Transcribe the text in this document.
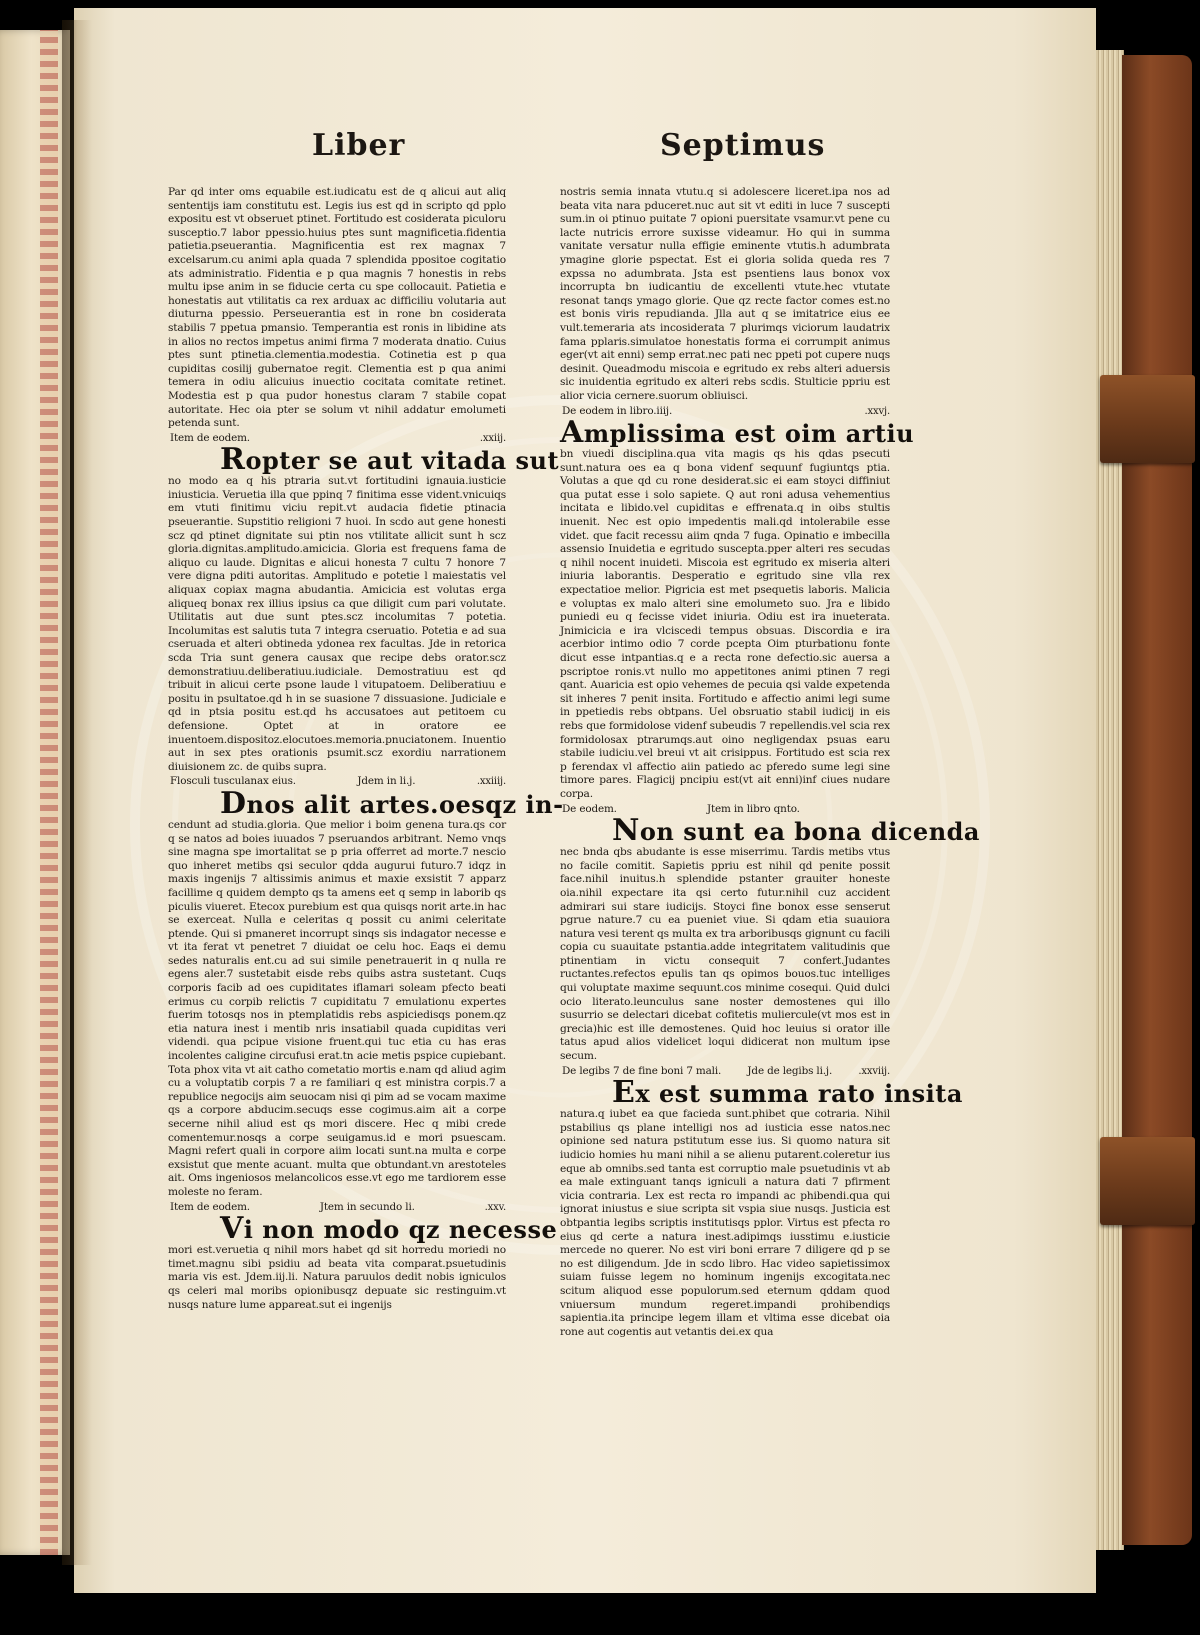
Liber	Septimus

Par qd inter oms equabile est.iudicatu est de q alicui aut aliq sententijs iam constitutu est. Legis ius est qd in scripto qd pplo expositu est vt obseruet ptinet. Fortitudo est cosiderata piculoru susceptio.7 labor ppessio.huius ptes sunt magnificetia.fidentia patietia.pseuerantia. Magnificentia est rex magnax 7 excelsarum.cu animi apla quada 7 splendida ppositoe cogitatio ats administratio. Fidentia e p qua magnis 7 honestis in rebs multu ipse anim in se fiducie certa cu spe collocauit. Patietia e honestatis aut vtilitatis ca rex arduax ac difficiliu volutaria aut diuturna ppessio. Perseuerantia est in rone bn cosiderata stabilis 7 ppetua pmansio. Temperantia est ronis in libidine ats in alios no rectos impetus animi firma 7 moderata dnatio. Cuius ptes sunt ptinetia.clementia.modestia. Cotinetia est p qua cupiditas cosilij gubernatoe regit. Clementia est p qua animi temera in odiu alicuius inuectio cocitata comitate retinet. Modestia est p qua pudor honestus claram 7 stabile copat autoritate. Hec oia pter se solum vt nihil addatur emolumeti petenda sunt.

Item de eodem.	.xxiij.
Ropter se aut vitada sut

no modo ea q his ptraria sut.vt fortitudini ignauia.iusticie iniusticia. Veruetia illa que ppinq 7 finitima esse vident.vnicuiqs em vtuti finitimu viciu repit.vt audacia fidetie ptinacia pseuerantie. Supstitio religioni 7 huoi. In scdo aut gene honesti scz qd ptinet dignitate sui ptin nos vtilitate allicit sunt h scz gloria.dignitas.amplitudo.amicicia. Gloria est frequens fama de aliquo cu laude. Dignitas e alicui honesta 7 cultu 7 honore 7 vere digna pditi autoritas. Amplitudo e potetie l maiestatis vel aliquax copiax magna abudantia. Amicicia est volutas erga aliqueq bonax rex illius ipsius ca que diligit cum pari volutate. Utilitatis aut due sunt ptes.scz incolumitas 7 potetia. Incolumitas est salutis tuta 7 integra cseruatio. Potetia e ad sua cseruada et alteri obtineda ydonea rex facultas. Jde in retorica scda Tria sunt genera causax que recipe debs orator.scz demonstratiuu.deliberatiuu.iudiciale. Demostratiuu est qd tribuit in alicui certe psone laude l vitupatoem. Deliberatiuu e positu in psultatoe.qd h in se suasione 7 dissuasione. Judiciale e qd in ptsia positu est.qd hs accusatoes aut petitoem cu defensione. Optet at in oratore ee inuentoem.dispositoz.elocutoes.memoria.pnuciatonem. Inuentio aut in sex ptes orationis psumit.scz exordiu narrationem diuisionem zc. de quibs supra.

Flosculi tusculanax eius.	Jdem in li.j.	.xxiiij.
Dnos alit artes.oesqz in-

cendunt ad studia.gloria. Que melior i boim genena tura.qs cor q se natos ad boies iuuados 7 pseruandos arbitrant. Nemo vnqs sine magna spe imortalitat se p pria offerret ad morte.7 nescio quo inheret metibs qsi seculor qdda augurui futuro.7 idqz in maxis ingenijs 7 altissimis animus et maxie exsistit 7 apparz facillime q quidem dempto qs ta amens eet q semp in laborib qs piculis viueret. Etecox purebium est qua quisqs norit arte.in hac se exerceat. Nulla e celeritas q possit cu animi celeritate ptende. Qui si pmaneret incorrupt sinqs sis indagator necesse e vt ita ferat vt penetret 7 diuidat oe celu hoc. Eaqs ei demu sedes naturalis ent.cu ad sui simile penetrauerit in q nulla re egens aler.7 sustetabit eisde rebs quibs astra sustetant. Cuqs corporis facib ad oes cupiditates iflamari soleam pfecto beati erimus cu corpib relictis 7 cupiditatu 7 emulationu expertes fuerim totosqs nos in ptemplatidis rebs aspiciedisqs ponem.qz etia natura inest i mentib nris insatiabil quada cupiditas veri videndi. qua pcipue visione fruent.qui tuc etia cu has eras incolentes caligine circufusi erat.tn acie metis pspice cupiebant. Tota phox vita vt ait catho cometatio mortis e.nam qd aliud agim cu a voluptatib corpis 7 a re familiari q est ministra corpis.7 a republice negocijs aim seuocam nisi qi pim ad se vocam maxime qs a corpore abducim.secuqs esse cogimus.aim ait a corpe secerne nihil aliud est qs mori discere. Hec q mibi crede comentemur.nosqs a corpe seuigamus.id e mori psuescam. Magni refert quali in corpore aiim locati sunt.na multa e corpe exsistut que mente acuant. multa que obtundant.vn arestoteles ait. Oms ingeniosos melancolicos esse.vt ego me tardiorem esse moleste no feram.

Item de eodem.	Jtem in secundo li.	.xxv.
Vi non modo qz necesse

mori est.veruetia q nihil mors habet qd sit horredu moriedi no timet.magnu sibi psidiu ad beata vita comparat.psuetudinis maria vis est. Jdem.iij.li. Natura paruulos dedit nobis igniculos qs celeri mal moribs opionibusqz depuate sic restinguim.vt nusqs nature lume appareat.sut ei ingenijs

nostris semia innata vtutu.q si adolescere liceret.ipa nos ad beata vita nara pduceret.nuc aut sit vt editi in luce 7 suscepti sum.in oi ptinuo puitate 7 opioni puersitate vsamur.vt pene cu lacte nutricis errore suxisse videamur. Ho qui in summa vanitate versatur nulla effigie eminente vtutis.h adumbrata ymagine glorie pspectat. Est ei gloria solida queda res 7 expssa no adumbrata. Jsta est psentiens laus bonox vox incorrupta bn iudicantiu de excellenti vtute.hec vtutate resonat tanqs ymago glorie. Que qz recte factor comes est.no est bonis viris repudianda. Jlla aut q se imitatrice eius ee vult.temeraria ats incosiderata 7 plurimqs viciorum laudatrix fama pplaris.simulatoe honestatis forma ei corrumpit animus eger(vt ait enni) semp errat.nec pati nec ppeti pot cupere nuqs desinit. Queadmodu miscoia e egritudo ex rebs alteri aduersis sic inuidentia egritudo ex alteri rebs scdis. Stulticie ppriu est alior vicia cernere.suorum obliuisci.

De eodem in libro.iiij.	.xxvj.
Amplissima est oim artiu

bn viuedi disciplina.qua vita magis qs his qdas psecuti sunt.natura oes ea q bona videnf sequunf fugiuntqs ptia. Volutas a que qd cu rone desiderat.sic ei eam stoyci diffiniut qua putat esse i solo sapiete. Q aut roni adusa vehementius incitata e libido.vel cupiditas e effrenata.q in oibs stultis inuenit. Nec est opio impedentis mali.qd intolerabile esse videt. que facit recessu aiim qnda 7 fuga. Opinatio e imbecilla assensio Inuidetia e egritudo suscepta.pper alteri res secudas q nihil nocent inuideti. Miscoia est egritudo ex miseria alteri iniuria laborantis. Desperatio e egritudo sine vlla rex expectatioe melior. Pigricia est met psequetis laboris. Malicia e voluptas ex malo alteri sine emolumeto suo. Jra e libido puniedi eu q fecisse videt iniuria. Odiu est ira inueterata. Jnimicicia e ira vlciscedi tempus obsuas. Discordia e ira acerbior intimo odio 7 corde pcepta Oim pturbationu fonte dicut esse intpantias.q e a recta rone defectio.sic auersa a pscriptoe ronis.vt nullo mo appetitones animi ptinen 7 regi qant. Auaricia est opio vehemes de pecuia qsi valde expetenda sit inheres 7 penit insita. Fortitudo e affectio animi legi sume in ppetiedis rebs obtpans. Uel obsruatio stabil iudicij in eis rebs que formidolose videnf subeudis 7 repellendis.vel scia rex formidolosax ptrarumqs.aut oino negligendax psuas earu stabile iudiciu.vel breui vt ait crisippus. Fortitudo est scia rex p ferendax vl affectio aiin patiedo ac pferedo sume legi sine timore pares. Flagicij pncipiu est(vt ait enni)inf ciues nudare corpa.

De eodem.	Jtem in libro qnto.
Non sunt ea bona dicenda

nec bnda qbs abudante is esse miserrimu. Tardis metibs vtus no facile comitit. Sapietis ppriu est nihil qd penite possit face.nihil inuitus.h splendide pstanter grauiter honeste oia.nihil expectare ita qsi certo futur.nihil cuz accident admirari sui stare iudicijs. Stoyci fine bonox esse senserut pgrue nature.7 cu ea pueniet viue. Si qdam etia suauiora natura vesi terent qs multa ex tra arboribusqs gignunt cu facili copia cu suauitate pstantia.adde integritatem valitudinis que ptinentiam in victu consequit 7 confert.Judantes ructantes.refectos epulis tan qs opimos bouos.tuc intelliges qui voluptate maxime sequunt.cos minime cosequi. Quid dulci ocio literato.leunculus sane noster demostenes qui illo susurrio se delectari dicebat cofitetis muliercule(vt mos est in grecia)hic est ille demostenes. Quid hoc leuius si orator ille tatus apud alios videlicet loqui didicerat non multum ipse secum.

De legibs 7 de fine boni 7 mali.	Jde de legibs li.j.	.xxviij.
Ex est summa rato insita

natura.q iubet ea que facieda sunt.phibet que cotraria. Nihil pstabilius qs plane intelligi nos ad iusticia esse natos.nec opinione sed natura pstitutum esse ius. Si quomo natura sit iudicio homies hu mani nihil a se alienu putarent.coleretur ius eque ab omnibs.sed tanta est corruptio male psuetudinis vt ab ea male extinguant tanqs igniculi a natura dati 7 pfirment vicia contraria. Lex est recta ro impandi ac phibendi.qua qui ignorat iniustus e siue scripta sit vspia siue nusqs. Justicia est obtpantia legibs scriptis institutisqs pplor. Virtus est pfecta ro eius qd certe a natura inest.adipimqs iusstimu e.iusticie mercede no querer. No est viri boni errare 7 diligere qd p se no est diligendum. Jde in scdo libro. Hac video sapietissimox suiam fuisse legem no hominum ingenijs excogitata.nec scitum aliquod esse populorum.sed eternum qddam quod vniuersum mundum regeret.impandi prohibendiqs sapientia.ita principe legem illam et vltima esse dicebat oia rone aut cogentis aut vetantis dei.ex qua
